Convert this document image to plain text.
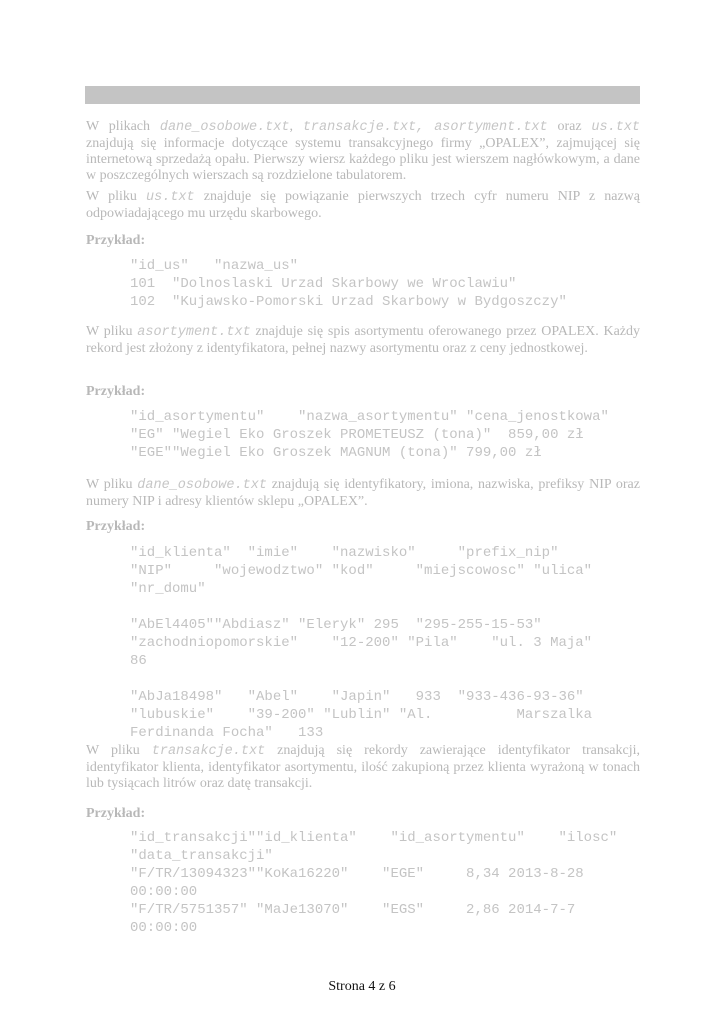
W plikach dane_osobowe.txt, transakcje.txt, asortyment.txt oraz us.txt znajdują się informacje dotyczące systemu transakcyjnego firmy „OPALEX”, zajmującej się internetową sprzedażą opału. Pierwszy wiersz każdego pliku jest wierszem nagłówkowym, a dane w poszczególnych wierszach są rozdzielone tabulatorem.

W pliku us.txt znajduje się powiązanie pierwszych trzech cyfr numeru NIP z nazwą odpowiadającego mu urzędu skarbowego.

Przykład:

"id_us"   "nazwa_us"
101  "Dolnoslaski Urzad Skarbowy we Wroclawiu"
102  "Kujawsko-Pomorski Urzad Skarbowy w Bydgoszczy"

W pliku asortyment.txt znajduje się spis asortymentu oferowanego przez OPALEX. Każdy rekord jest złożony z identyfikatora, pełnej nazwy asortymentu oraz z ceny jednostkowej.

Przykład:

"id_asortymentu"    "nazwa_asortymentu" "cena_jenostkowa"
"EG" "Wegiel Eko Groszek PROMETEUSZ (tona)"  859,00 zł
"EGE""Wegiel Eko Groszek MAGNUM (tona)" 799,00 zł

W pliku dane_osobowe.txt znajdują się identyfikatory, imiona, nazwiska, prefiksy NIP oraz numery NIP i adresy klientów sklepu „OPALEX”.

Przykład:

"id_klienta"  "imie"    "nazwisko"     "prefix_nip"
"NIP"     "wojewodztwo" "kod"     "miejscowosc" "ulica"
"nr_domu"

"AbEl4405""Abdiasz" "Eleryk" 295  "295-255-15-53"
"zachodniopomorskie"    "12-200" "Pila"    "ul. 3 Maja"
86

"AbJa18498"   "Abel"    "Japin"   933  "933-436-93-36"
"lubuskie"    "39-200" "Lublin" "Al.          Marszalka
Ferdinanda Focha"   133

W pliku transakcje.txt znajdują się rekordy zawierające identyfikator transakcji, identyfikator klienta, identyfikator asortymentu, ilość zakupioną przez klienta wyrażoną w tonach lub tysiącach litrów oraz datę transakcji.

Przykład:

"id_transakcji""id_klienta"    "id_asortymentu"    "ilosc"
"data_transakcji"
"F/TR/13094323""KoKa16220"    "EGE"     8,34 2013-8-28
00:00:00
"F/TR/5751357" "MaJe13070"    "EGS"     2,86 2014-7-7
00:00:00
Strona 4 z 6
